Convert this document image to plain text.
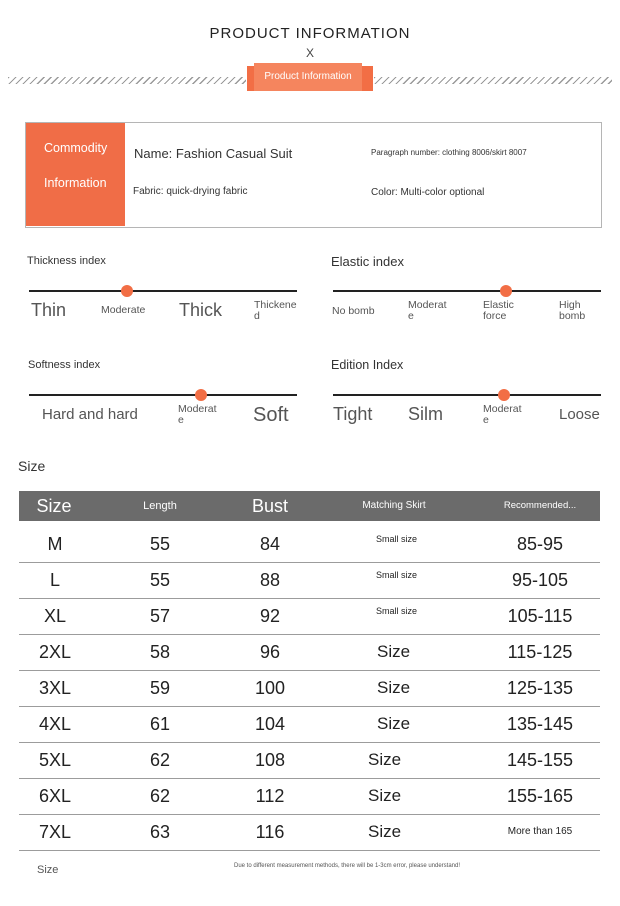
PRODUCT INFORMATION
X
Product Information
Commodity
Information
Name: Fashion Casual Suit	Paragraph number: clothing 8006/skirt 8007
Fabric: quick-drying fabric	Color: Multi-color optional
Thickness index
Thin	Moderate Thick	Thickened
Elastic index
No bomb	Moderate
Elastic force
High bomb
Softness index
Hard and hard	Moderate	Soft
Edition Index
Tight Silm	Moderate	Loose
Size
Size	Length	Bust	Matching Skirt	Recommended...
M	55	84	Small size	85-95
L	55	88	Small size	95-105
XL	57	92	Small size	105-115
2XL	58	96	Size	115-125
3XL	59	100	Size	125-135
4XL	61	104	Size	135-145
5XL	62	108	Size	145-155
6XL	62	112	Size	155-165
7XL	63	116	Size	More than 165
Size	Due to different measurement methods, there will be 1-3cm error, please understand!
